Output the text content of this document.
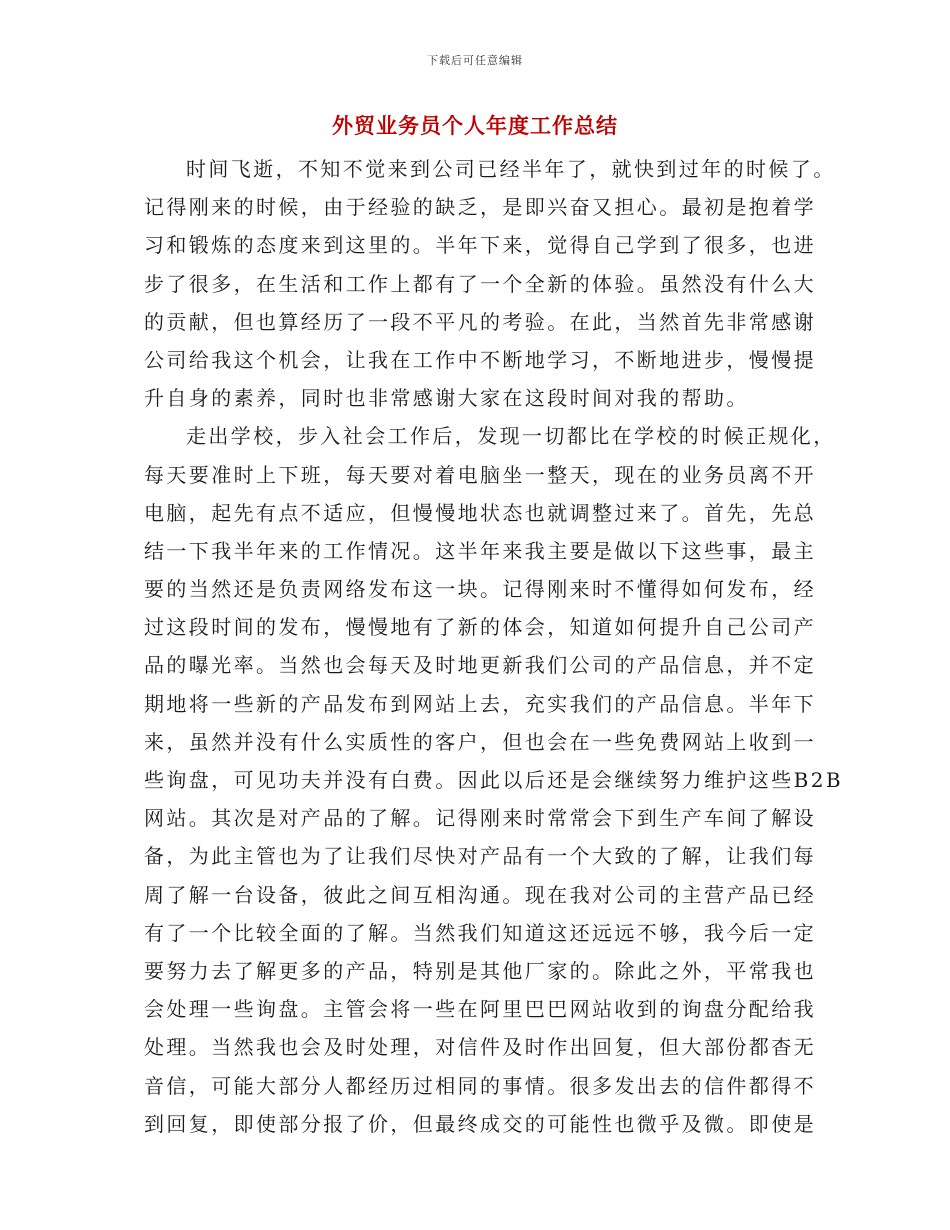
下载后可任意编辑
外贸业务员个人年度工作总结
时间飞逝，不知不觉来到公司已经半年了，就快到过年的时候了。
记得刚来的时候，由于经验的缺乏，是即兴奋又担心。最初是抱着学
习和锻炼的态度来到这里的。半年下来，觉得自己学到了很多，也进
步了很多，在生活和工作上都有了一个全新的体验。虽然没有什么大
的贡献，但也算经历了一段不平凡的考验。在此，当然首先非常感谢
公司给我这个机会，让我在工作中不断地学习，不断地进步，慢慢提
升自身的素养，同时也非常感谢大家在这段时间对我的帮助。
走出学校，步入社会工作后，发现一切都比在学校的时候正规化，
每天要准时上下班，每天要对着电脑坐一整天，现在的业务员离不开
电脑，起先有点不适应，但慢慢地状态也就调整过来了。首先，先总
结一下我半年来的工作情况。这半年来我主要是做以下这些事，最主
要的当然还是负责网络发布这一块。记得刚来时不懂得如何发布，经
过这段时间的发布，慢慢地有了新的体会，知道如何提升自己公司产
品的曝光率。当然也会每天及时地更新我们公司的产品信息，并不定
期地将一些新的产品发布到网站上去，充实我们的产品信息。半年下
来，虽然并没有什么实质性的客户，但也会在一些免费网站上收到一
些询盘，可见功夫并没有白费。因此以后还是会继续努力维护这些B2B
网站。其次是对产品的了解。记得刚来时常常会下到生产车间了解设
备，为此主管也为了让我们尽快对产品有一个大致的了解，让我们每
周了解一台设备，彼此之间互相沟通。现在我对公司的主营产品已经
有了一个比较全面的了解。当然我们知道这还远远不够，我今后一定
要努力去了解更多的产品，特别是其他厂家的。除此之外，平常我也
会处理一些询盘。主管会将一些在阿里巴巴网站收到的询盘分配给我
处理。当然我也会及时处理，对信件及时作出回复，但大部份都杳无
音信，可能大部分人都经历过相同的事情。很多发出去的信件都得不
到回复，即使部分报了价，但最终成交的可能性也微乎及微。即使是
